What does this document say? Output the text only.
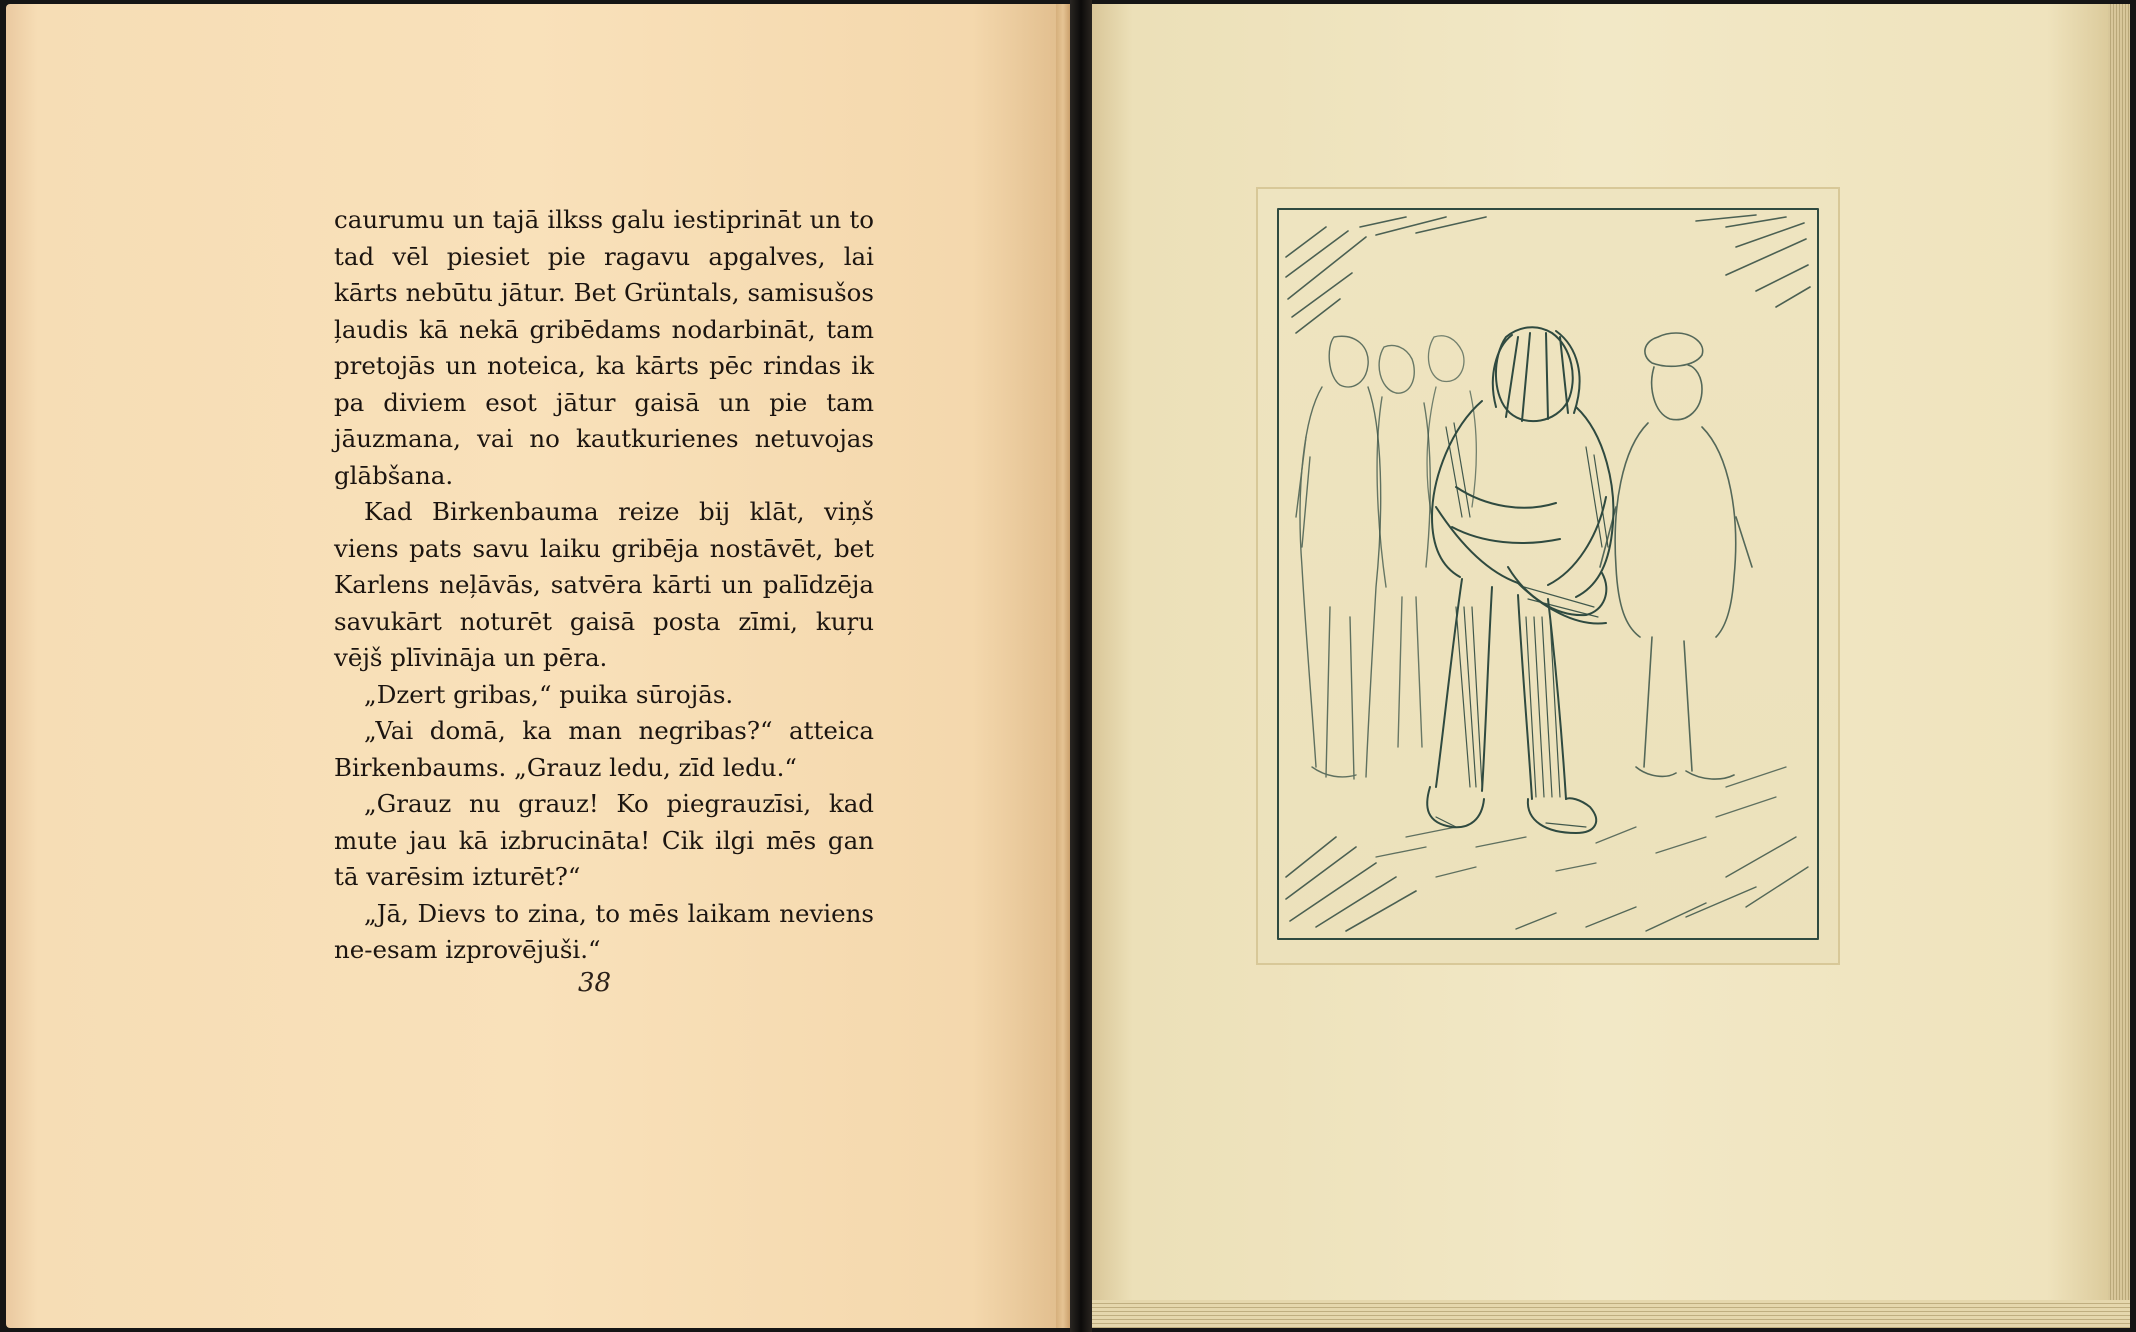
caurumu un tajā ilkss galu iestiprināt un to tad vēl piesiet pie ragavu apgalves, lai kārts nebūtu jātur. Bet Grüntals, samisušos ļaudis kā nekā gribēdams nodarbināt, tam pretojās un noteica, ka kārts pēc rindas ik pa diviem esot jātur gaisā un pie tam jāuzmana, vai no kautkurienes netuvojas glābšana.

Kad Birkenbauma reize bij klāt, viņš viens pats savu laiku gribēja nostāvēt, bet Karlens neļāvās, satvēra kārti un palīdzēja savukārt noturēt gaisā posta zīmi, kuŗu vējš plīvināja un pēra.

„Dzert gribas,“ puika sūrojās.

„Vai domā, ka man negribas?“ atteica Birkenbaums. „Grauz ledu, zīd ledu.“

„Grauz nu grauz! Ko piegrauzīsi, kad mute jau kā izbrucināta! Cik ilgi mēs gan tā varēsim izturēt?“

„Jā, Dievs to zina, to mēs laikam neviens ne-esam izprovējuši.“

38
